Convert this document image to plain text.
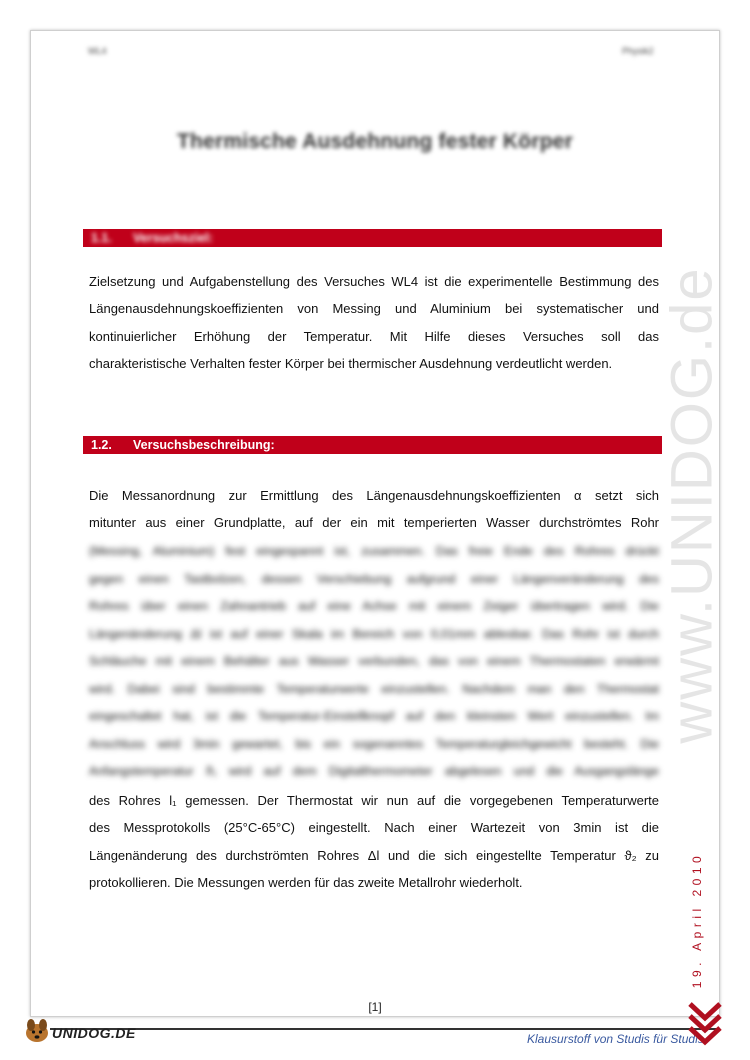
WL4	Physik2
Thermische Ausdehnung fester Körper
1.1. Versuchsziel:
Zielsetzung und Aufgabenstellung des Versuches WL4 ist die experimentelle Bestimmung des
Längenausdehnungskoeffizienten von Messing und Aluminium bei systematischer und
kontinuierlicher Erhöhung der Temperatur. Mit Hilfe dieses Versuches soll das
charakteristische Verhalten fester Körper bei thermischer Ausdehnung verdeutlicht werden.
1.2. Versuchsbeschreibung:
Die Messanordnung zur Ermittlung des Längenausdehnungskoeffizienten α setzt sich
mitunter aus einer Grundplatte, auf der ein mit temperierten Wasser durchströmtes Rohr
(Messing, Aluminium) fest eingespannt ist, zusammen. Das freie Ende des Rohres drückt
gegen einen Tastbolzen, dessen Verschiebung aufgrund einer Längenveränderung des
Rohres über einen Zahnantrieb auf eine Achse mit einem Zeiger übertragen wird. Die
Längenänderung Δl ist auf einer Skala im Bereich von 0,01mm ablesbar. Das Rohr ist durch
Schläuche mit einem Behälter aus Wasser verbunden, das von einem Thermostaten erwärmt
wird. Dabei sind bestimmte Temperaturwerte einzustellen. Nachdem man den Thermostat
eingeschaltet hat, ist die Temperatur-Einstellknopf auf den kleinsten Wert einzustellen. Im
Anschluss wird 3min gewartet, bis ein sogenanntes Temperaturgleichgewicht besteht. Die
Anfangstemperatur ϑ₁ wird auf dem Digitalthermometer abgelesen und die Ausgangslänge
des Rohres l₁ gemessen. Der Thermostat wir nun auf die vorgegebenen Temperaturwerte
des Messprotokolls (25°C-65°C) eingestellt. Nach einer Wartezeit von 3min ist die
Längenänderung des durchströmten Rohres Δl und die sich eingestellte Temperatur ϑ₂ zu
protokollieren. Die Messungen werden für das zweite Metallrohr wiederholt.
www.UNIDOG.de
19. April 2010
[1]
UNIDOG.DE	Klausurstoff von Studis für Studis
